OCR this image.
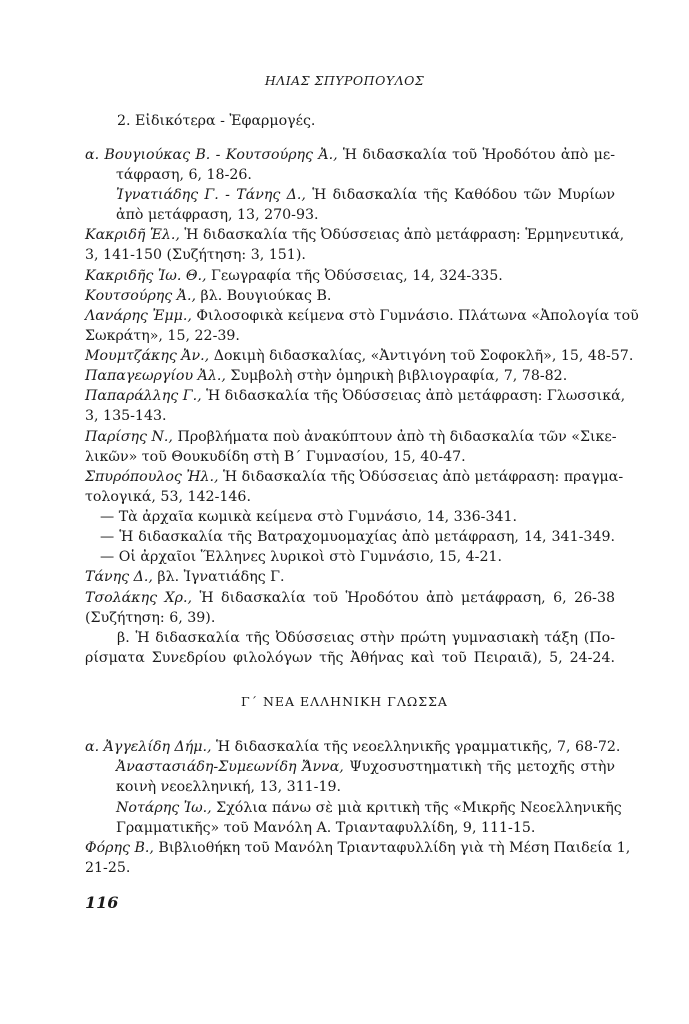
ΗΛΙΑΣ ΣΠΥΡΟΠΟΥΛΟΣ
2. Εἰδικότερα - Ἐφαρμογές.
α. Βουγιούκας Β. - Κουτσούρης Ἀ., Ἡ διδασκαλία τοῦ Ἡροδότου ἀπὸ με-
τάφραση, 6, 18-26.
Ἰγνατιάδης Γ. - Τάνης Δ., Ἡ διδασκαλία τῆς Καθόδου τῶν Μυρίων
ἀπὸ μετάφραση, 13, 270-93.
Κακριδῆ Ἑλ., Ἡ διδασκαλία τῆς Ὀδύσσειας ἀπὸ μετάφραση: Ἑρμηνευτικά,
3, 141-150 (Συζήτηση: 3, 151).
Κακριδῆς Ἰω. Θ., Γεωγραφία τῆς Ὀδύσσειας, 14, 324-335.
Κουτσούρης Ἀ., βλ. Βουγιούκας Β.
Λανάρης Ἐμμ., Φιλοσοφικὰ κείμενα στὸ Γυμνάσιο. Πλάτωνα «Ἀπολογία τοῦ
Σωκράτη», 15, 22-39.
Μουμτζάκης Ἀν., Δοκιμὴ διδασκαλίας, «Ἀντιγόνη τοῦ Σοφοκλῆ», 15, 48-57.
Παπαγεωργίου Ἀλ., Συμβολὴ στὴν ὁμηρικὴ βιβλιογραφία, 7, 78-82.
Παπαράλλης Γ., Ἡ διδασκαλία τῆς Ὀδύσσειας ἀπὸ μετάφραση: Γλωσσικά,
3, 135-143.
Παρίσης Ν., Προβλήματα ποὺ ἀνακύπτουν ἀπὸ τὴ διδασκαλία τῶν «Σικε-
λικῶν» τοῦ Θουκυδίδη στὴ Β΄ Γυμνασίου, 15, 40-47.
Σπυρόπουλος Ἠλ., Ἡ διδασκαλία τῆς Ὀδύσσειας ἀπὸ μετάφραση: πραγμα-
τολογικά, 53, 142-146.
— Τὰ ἀρχαῖα κωμικὰ κείμενα στὸ Γυμνάσιο, 14, 336-341.
— Ἡ διδασκαλία τῆς Βατραχομυομαχίας ἀπὸ μετάφραση, 14, 341-349.
— Οἱ ἀρχαῖοι Ἕλληνες λυρικοὶ στὸ Γυμνάσιο, 15, 4-21.
Τάνης Δ., βλ. Ἰγνατιάδης Γ.
Τσολάκης Χρ., Ἡ διδασκαλία τοῦ Ἡροδότου ἀπὸ μετάφραση, 6, 26-38
(Συζήτηση: 6, 39).
β. Ἡ διδασκαλία τῆς Ὀδύσσειας στὴν πρώτη γυμνασιακὴ τάξη (Πο-
ρίσματα Συνεδρίου φιλολόγων τῆς Ἀθήνας καὶ τοῦ Πειραιᾶ), 5, 24-24.
Γ΄ ΝΕΑ ΕΛΛΗΝΙΚΗ ΓΛΩΣΣΑ
α. Ἀγγελίδη Δήμ., Ἡ διδασκαλία τῆς νεοελληνικῆς γραμματικῆς, 7, 68-72.
Ἀναστασιάδη-Συμεωνίδη Ἄννα, Ψυχοσυστηματικὴ τῆς μετοχῆς στὴν
κοινὴ νεοελληνική, 13, 311-19.
Νοτάρης Ἰω., Σχόλια πάνω σὲ μιὰ κριτικὴ τῆς «Μικρῆς Νεοελληνικῆς
Γραμματικῆς» τοῦ Μανόλη Α. Τριανταφυλλίδη, 9, 111-15.
Φόρης Β., Βιβλιοθήκη τοῦ Μανόλη Τριανταφυλλίδη γιὰ τὴ Μέση Παιδεία 1,
21-25.
116
